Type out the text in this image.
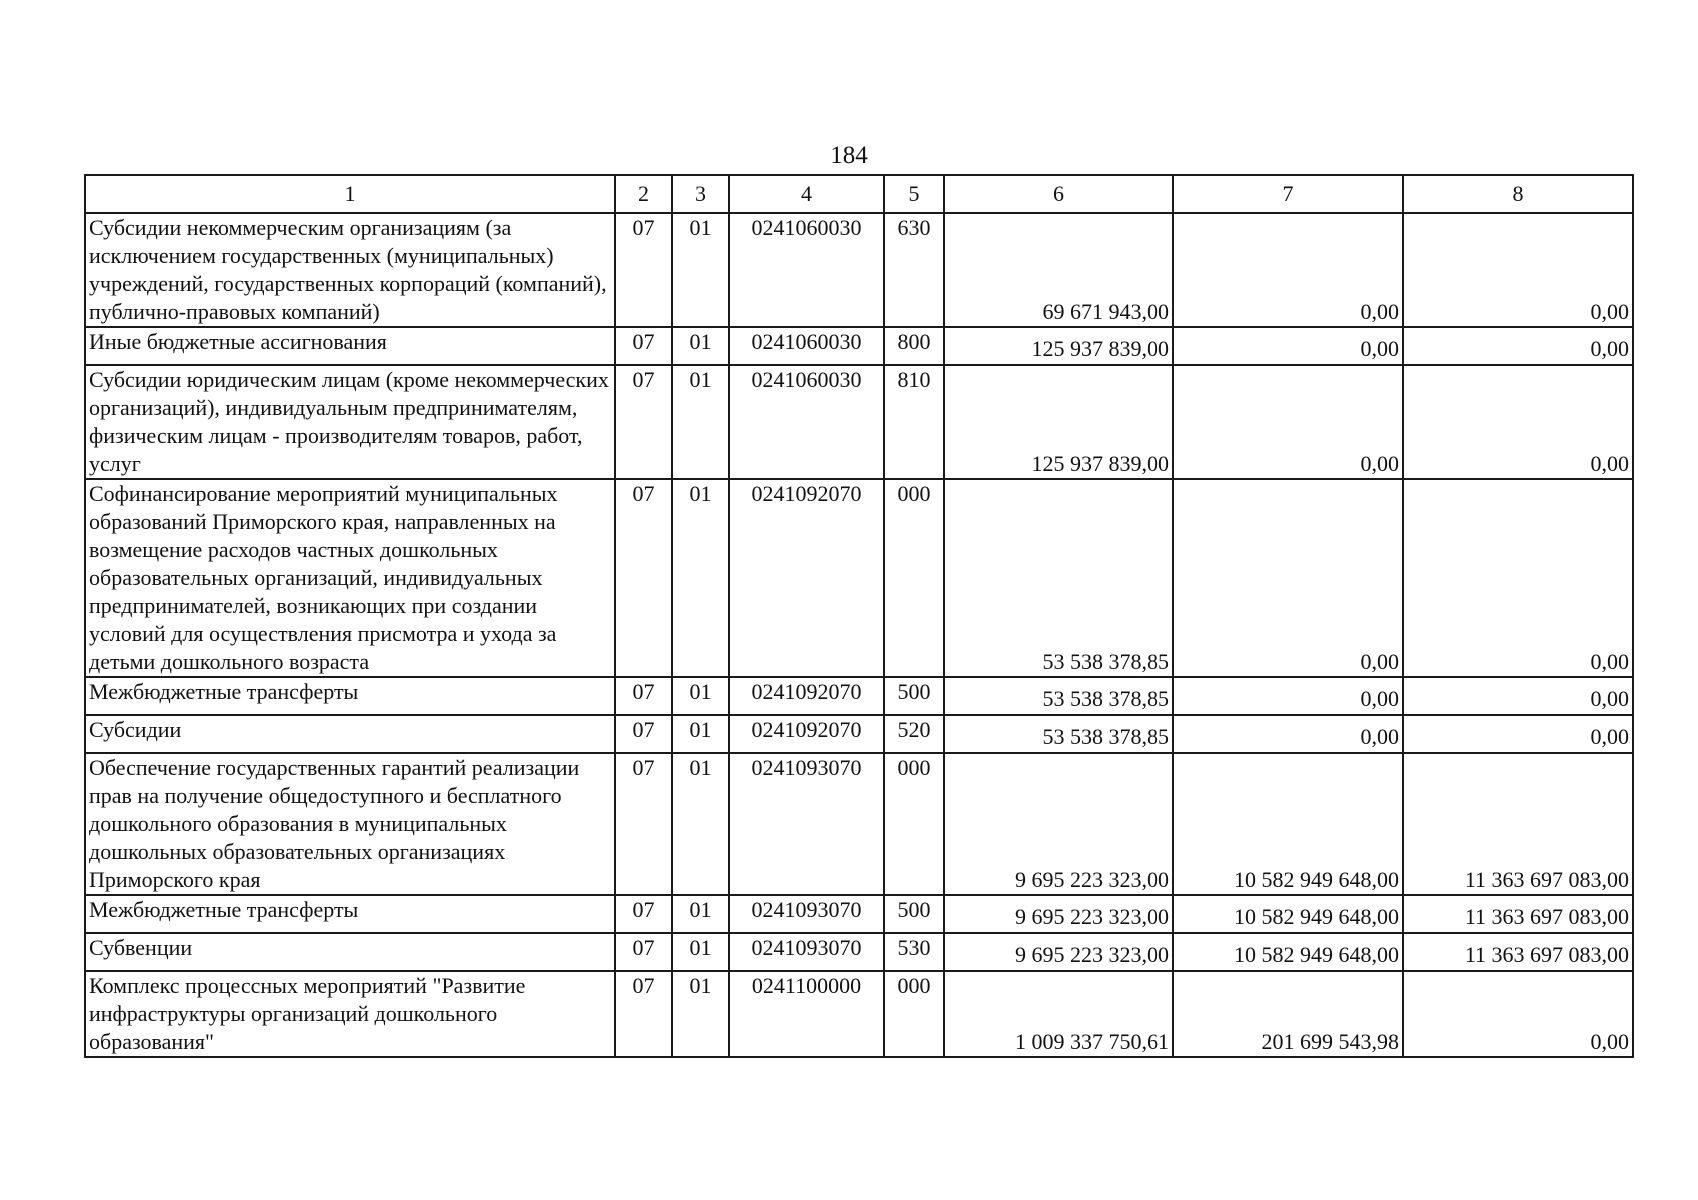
184
1	2	3	4	5	6	7	8
Субсидии некоммерческим организациям (за исключением государственных (муниципальных) учреждений, государственных корпораций (компаний), публично-правовых компаний)	07	01	0241060030	630	69 671 943,00	0,00	0,00
Иные бюджетные ассигнования	07	01	0241060030	800	125 937 839,00	0,00	0,00
Субсидии юридическим лицам (кроме некоммерческих организаций), индивидуальным предпринимателям, физическим лицам - производителям товаров, работ, услуг	07	01	0241060030	810	125 937 839,00	0,00	0,00
Софинансирование мероприятий муниципальных образований Приморского края, направленных на возмещение расходов частных дошкольных образовательных организаций, индивидуальных предпринимателей, возникающих при создании условий для осуществления присмотра и ухода за детьми дошкольного возраста	07	01	0241092070	000	53 538 378,85	0,00	0,00
Межбюджетные трансферты	07	01	0241092070	500	53 538 378,85	0,00	0,00
Субсидии	07	01	0241092070	520	53 538 378,85	0,00	0,00
Обеспечение государственных гарантий реализации прав на получение общедоступного и бесплатного дошкольного образования в муниципальных дошкольных образовательных организациях Приморского края	07	01	0241093070	000	9 695 223 323,00	10 582 949 648,00	11 363 697 083,00
Межбюджетные трансферты	07	01	0241093070	500	9 695 223 323,00	10 582 949 648,00	11 363 697 083,00
Субвенции	07	01	0241093070	530	9 695 223 323,00	10 582 949 648,00	11 363 697 083,00
Комплекс процессных мероприятий "Развитие инфраструктуры организаций дошкольного образования"	07	01	0241100000	000	1 009 337 750,61	201 699 543,98	0,00
